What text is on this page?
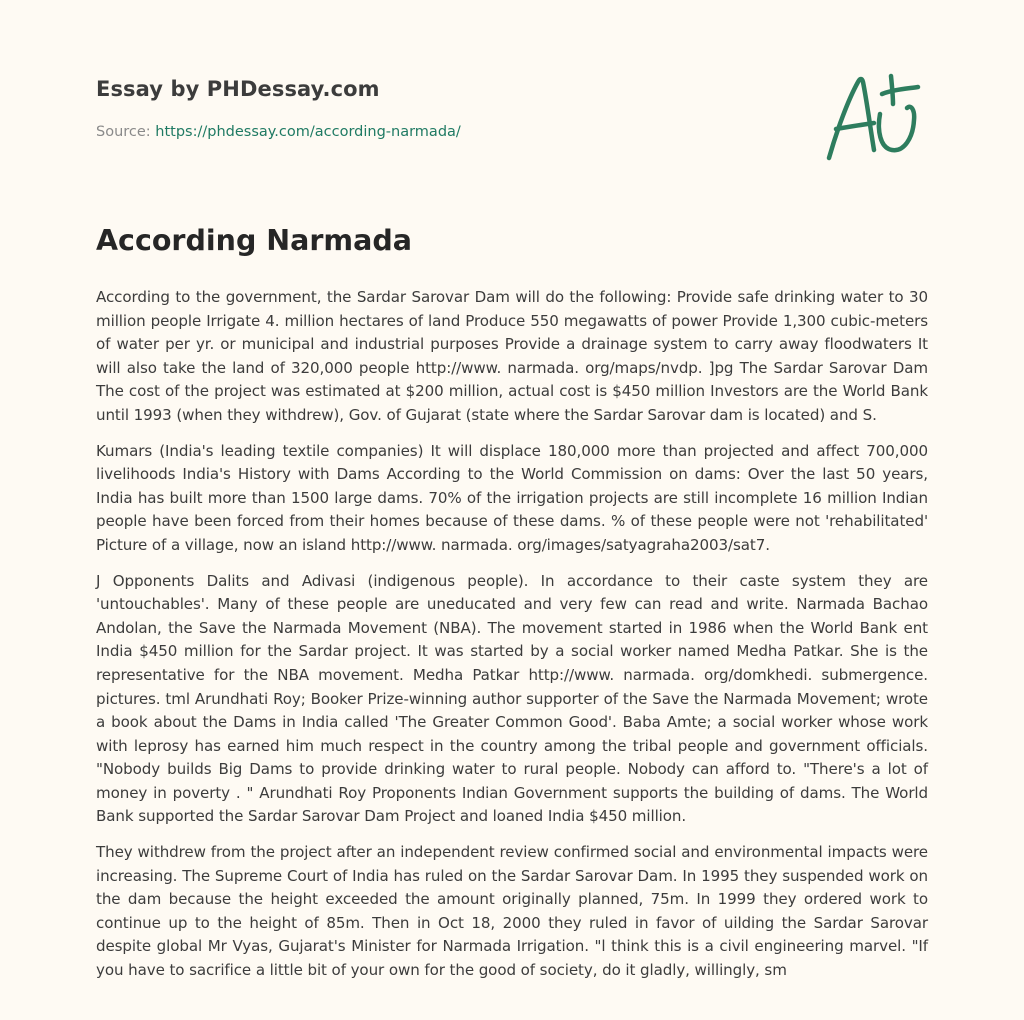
Essay by PHDessay.com

Source: https://phdessay.com/according-narmada/

According Narmada

According to the government, the Sardar Sarovar Dam will do the following: Provide safe drinking water to 30 million people Irrigate 4. million hectares of land Produce 550 megawatts of power Provide 1,300 cubic-meters of water per yr. or municipal and industrial purposes Provide a drainage system to carry away floodwaters It will also take the land of 320,000 people http://www. narmada. org/maps/nvdp. ]pg The Sardar Sarovar Dam The cost of the project was estimated at $200 million, actual cost is $450 million Investors are the World Bank until 1993 (when they withdrew), Gov. of Gujarat (state where the Sardar Sarovar dam is located) and S.

Kumars (India's leading textile companies) It will displace 180,000 more than projected and affect 700,000 livelihoods India's History with Dams According to the World Commission on dams: Over the last 50 years, India has built more than 1500 large dams. 70% of the irrigation projects are still incomplete 16 million Indian people have been forced from their homes because of these dams. % of these people were not 'rehabilitated' Picture of a village, now an island http://www. narmada. org/images/satyagraha2003/sat7.

J Opponents Dalits and Adivasi (indigenous people). In accordance to their caste system they are 'untouchables'. Many of these people are uneducated and very few can read and write. Narmada Bachao Andolan, the Save the Narmada Movement (NBA). The movement started in 1986 when the World Bank ent India $450 million for the Sardar project. It was started by a social worker named Medha Patkar. She is the representative for the NBA movement. Medha Patkar http://www. narmada. org/domkhedi. submergence. pictures. tml Arundhati Roy; Booker Prize-winning author supporter of the Save the Narmada Movement; wrote a book about the Dams in India called 'The Greater Common Good'. Baba Amte; a social worker whose work with leprosy has earned him much respect in the country among the tribal people and government officials. "Nobody builds Big Dams to provide drinking water to rural people. Nobody can afford to. "There's a lot of money in poverty . " Arundhati Roy Proponents Indian Government supports the building of dams. The World Bank supported the Sardar Sarovar Dam Project and loaned India $450 million.

They withdrew from the project after an independent review confirmed social and environmental impacts were increasing. The Supreme Court of India has ruled on the Sardar Sarovar Dam. In 1995 they suspended work on the dam because the height exceeded the amount originally planned, 75m. In 1999 they ordered work to continue up to the height of 85m. Then in Oct 18, 2000 they ruled in favor of uilding the Sardar Sarovar despite global Mr Vyas, Gujarat's Minister for Narmada Irrigation. "l think this is a civil engineering marvel. "If you have to sacrifice a little bit of your own for the good of society, do it gladly, willingly, sm
